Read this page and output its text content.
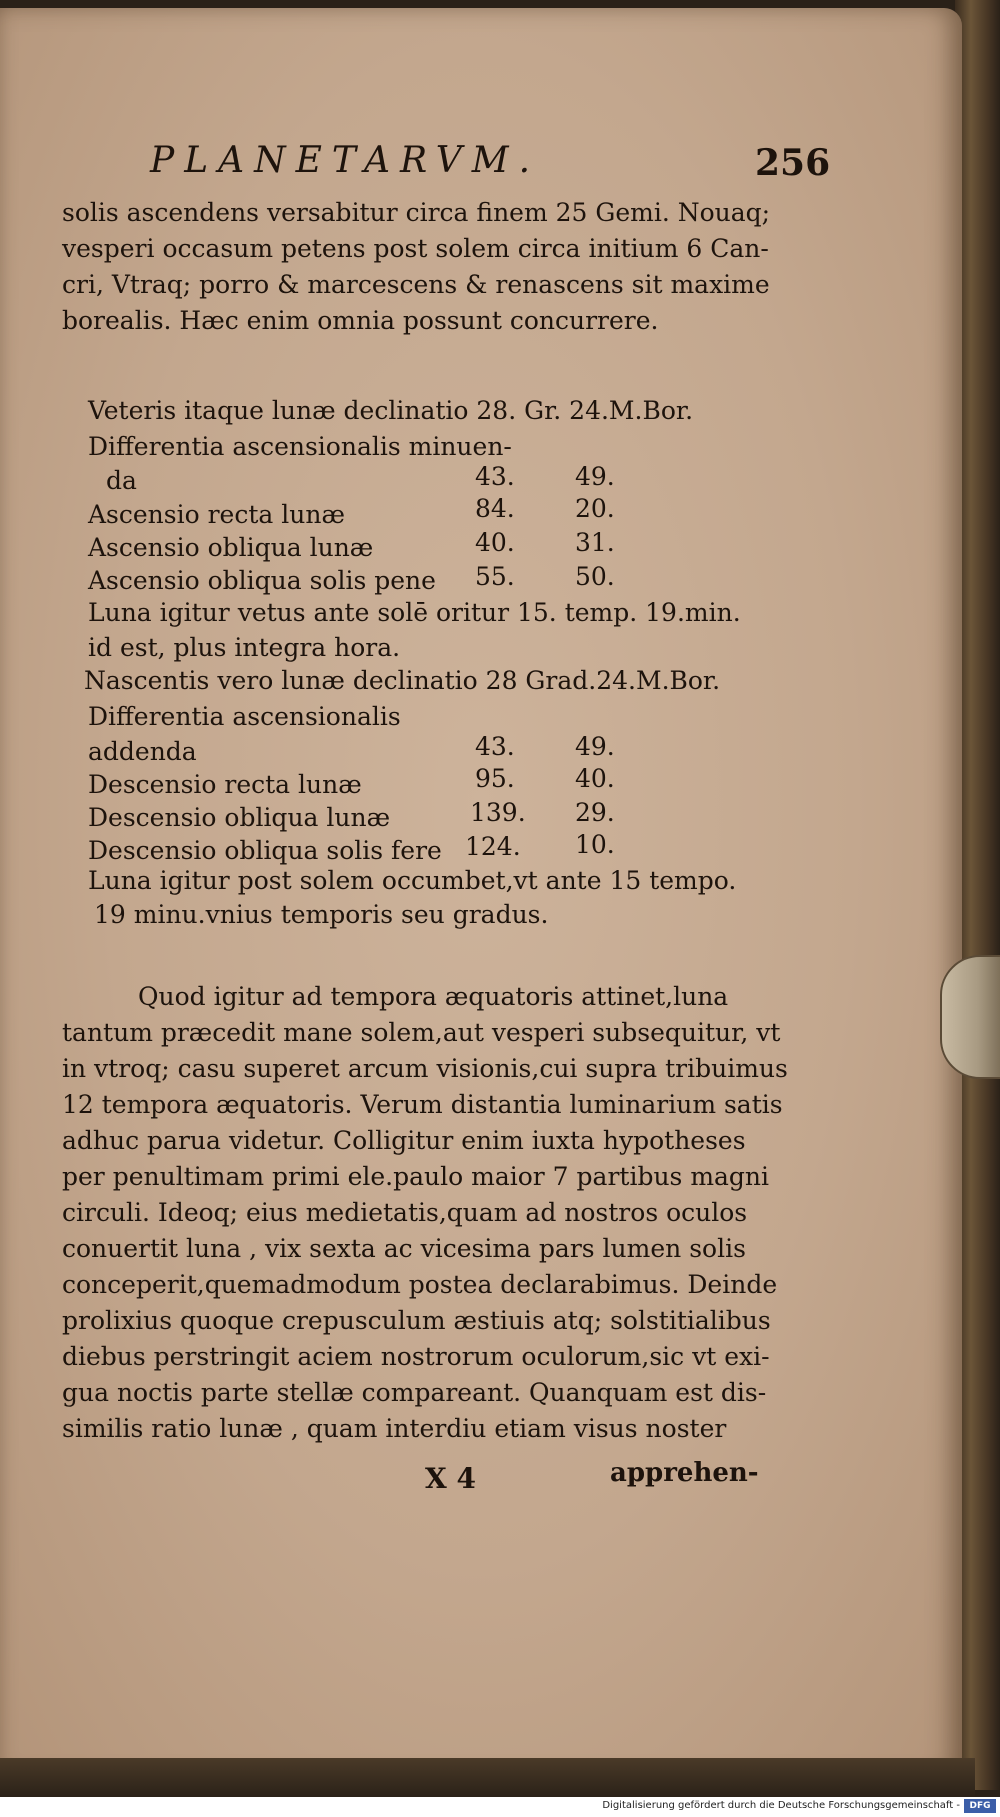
PLANETARVM.	256
solis ascendens versabitur circa finem 25 Gemi. Nouaq;
vesperi occasum petens post solem circa initium 6 Can-
cri, Vtraq; porro & marcescens & renascens sit maxime
borealis. Hæc enim omnia possunt concurrere.
Veteris itaque lunæ declinatio 28. Gr. 24.M.Bor.
Differentia ascensionalis minuen-
da	43. 49.
Ascensio recta lunæ	84. 20.
Ascensio obliqua lunæ	40. 31.
Ascensio obliqua solis pene 55. 50.
Luna igitur vetus ante solē oritur 15. temp. 19.min.
id est, plus integra hora.
Nascentis vero lunæ declinatio 28 Grad.24.M.Bor.
Differentia ascensionalis
addenda	43. 49.
Descensio recta lunæ	95. 40.
Descensio obliqua lunæ	139. 29.
Descensio obliqua solis fere 124. 10.
Luna igitur post solem occumbet,vt ante 15 tempo.
19 minu.vnius temporis seu gradus.
Quod igitur ad tempora æquatoris attinet,luna
tantum præcedit mane solem,aut vesperi subsequitur, vt
in vtroq; casu superet arcum visionis,cui supra tribuimus
12 tempora æquatoris. Verum distantia luminarium satis
adhuc parua videtur. Colligitur enim iuxta hypotheses
per penultimam primi ele.paulo maior 7 partibus magni
circuli. Ideoq; eius medietatis,quam ad nostros oculos
conuertit luna , vix sexta ac vicesima pars lumen solis
conceperit,quemadmodum postea declarabimus. Deinde
prolixius quoque crepusculum æstiuis atq; solstitialibus
diebus perstringit aciem nostrorum oculorum,sic vt exi-
gua noctis parte stellæ compareant. Quanquam est dis-
similis ratio lunæ , quam interdiu etiam visus noster
X 4	apprehen-
Digitalisierung gefördert durch die Deutsche Forschungsgemeinschaft -	DFG
